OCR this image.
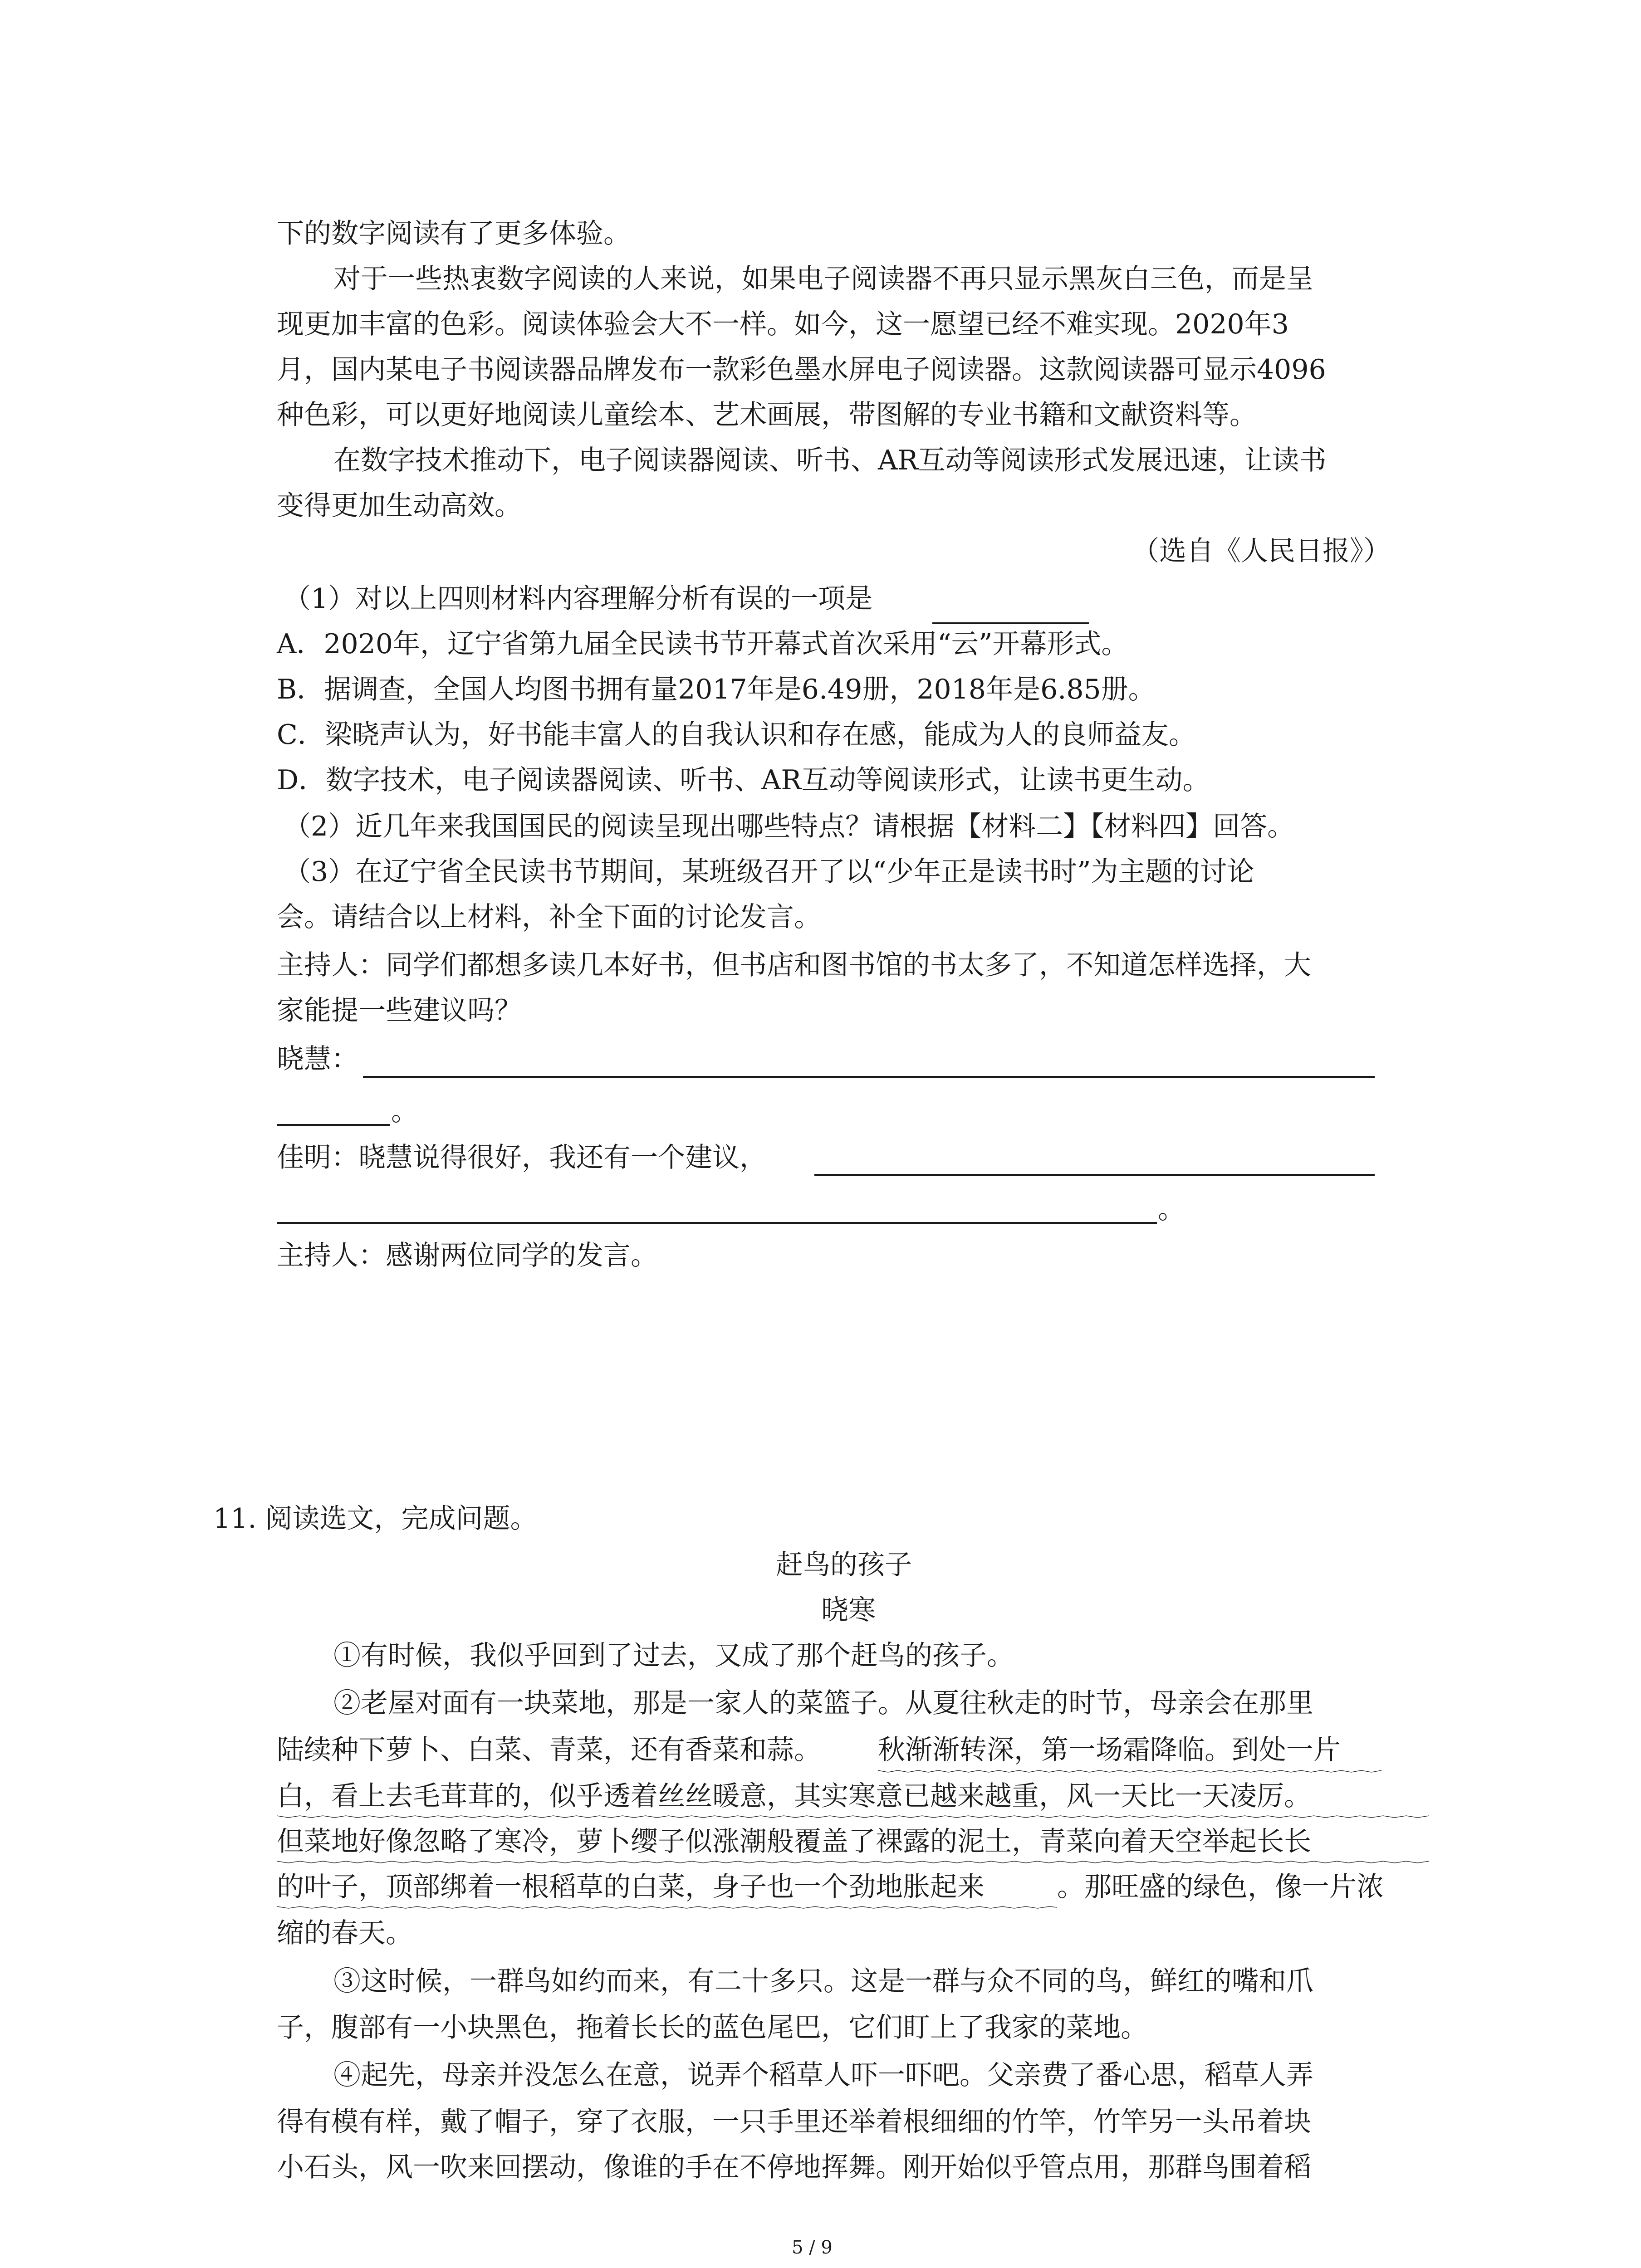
下的数字阅读有了更多体验。
对于一些热衷数字阅读的人来说，如果电子阅读器不再只显示黑灰白三色，而是呈
现更加丰富的色彩。阅读体验会大不一样。如今，这一愿望已经不难实现。2020年3
月，国内某电子书阅读器品牌发布一款彩色墨水屏电子阅读器。这款阅读器可显示4096
种色彩，可以更好地阅读儿童绘本、艺术画展，带图解的专业书籍和文献资料等。
在数字技术推动下，电子阅读器阅读、听书、AR互动等阅读形式发展迅速，让读书
变得更加生动高效。
（选自《人民日报》）
（1）对以上四则材料内容理解分析有误的一项是
A．2020年，辽宁省第九届全民读书节开幕式首次采用“云”开幕形式。
B．据调查，全国人均图书拥有量2017年是6.49册，2018年是6.85册。
C．梁晓声认为，好书能丰富人的自我认识和存在感，能成为人的良师益友。
D．数字技术，电子阅读器阅读、听书、AR互动等阅读形式，让读书更生动。
（2）近几年来我国国民的阅读呈现出哪些特点？请根据【材料二】【材料四】回答。
（3）在辽宁省全民读书节期间，某班级召开了以“少年正是读书时”为主题的讨论
会。请结合以上材料，补全下面的讨论发言。
主持人：同学们都想多读几本好书，但书店和图书馆的书太多了，不知道怎样选择，大
家能提一些建议吗？
晓慧：
。
佳明：晓慧说得很好，我还有一个建议，
。
主持人：感谢两位同学的发言。
11. 阅读选文，完成问题。
赶鸟的孩子
晓寒
①有时候，我似乎回到了过去，又成了那个赶鸟的孩子。
②老屋对面有一块菜地，那是一家人的菜篮子。从夏往秋走的时节，母亲会在那里
陆续种下萝卜、白菜、青菜，还有香菜和蒜。 秋渐渐转深，第一场霜降临。到处一片
白，看上去毛茸茸的，似乎透着丝丝暖意，其实寒意已越来越重，风一天比一天凌厉。
但菜地好像忽略了寒冷，萝卜缨子似涨潮般覆盖了裸露的泥土，青菜向着天空举起长长
的叶子，顶部绑着一根稻草的白菜，身子也一个劲地胀起来	。那旺盛的绿色，像一片浓
缩的春天。
③这时候，一群鸟如约而来，有二十多只。这是一群与众不同的鸟，鲜红的嘴和爪
子，腹部有一小块黑色，拖着长长的蓝色尾巴，它们盯上了我家的菜地。
④起先，母亲并没怎么在意，说弄个稻草人吓一吓吧。父亲费了番心思，稻草人弄
得有模有样，戴了帽子，穿了衣服，一只手里还举着根细细的竹竿，竹竿另一头吊着块
小石头，风一吹来回摆动，像谁的手在不停地挥舞。刚开始似乎管点用，那群鸟围着稻
5 / 9
